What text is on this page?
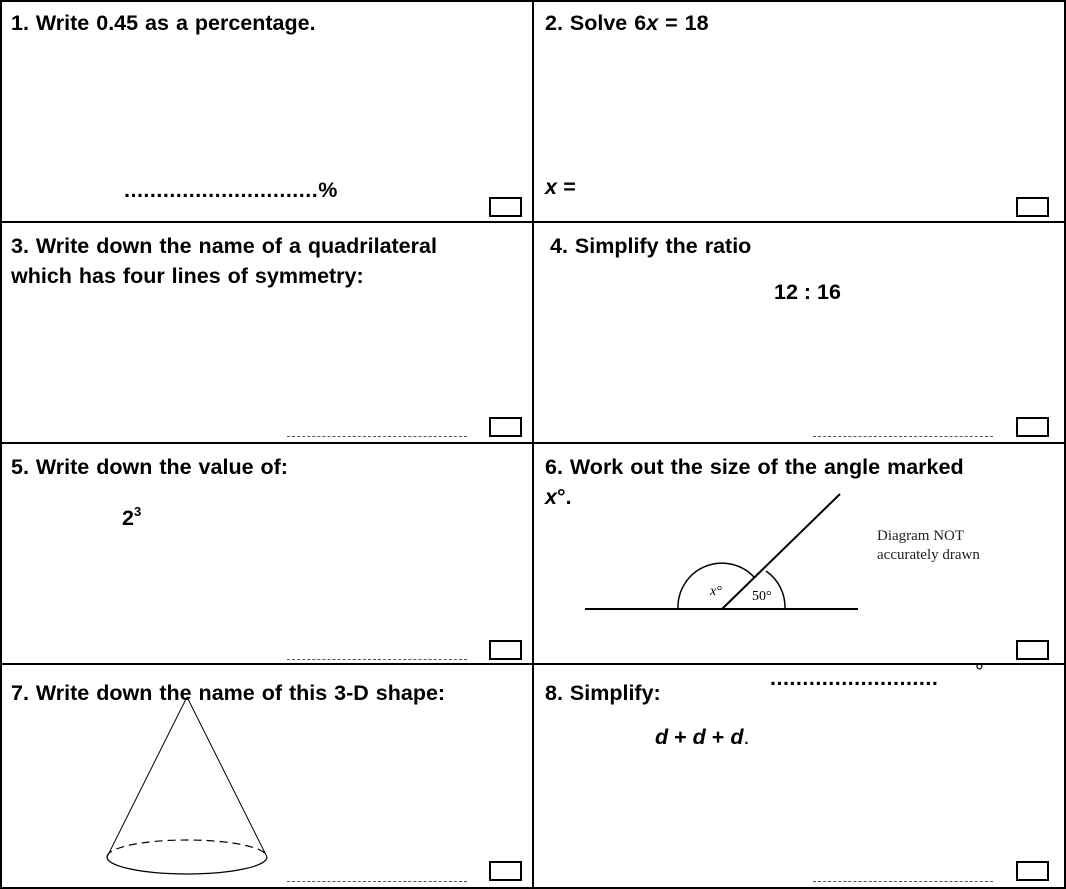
1. Write 0.45 as a percentage.
..............................%
2. Solve 6x = 18
x =
3. Write down the name of a quadrilateral
which has four lines of symmetry:
4. Simplify the ratio
12 : 16
5. Write down the value of:
$2^3$
6. Work out the size of the angle marked
x°.
Diagram NOT
accurately drawn
x° 50°
.......................... °
7. Write down the name of this 3-D shape:	8. Simplify:
d + d + d.
